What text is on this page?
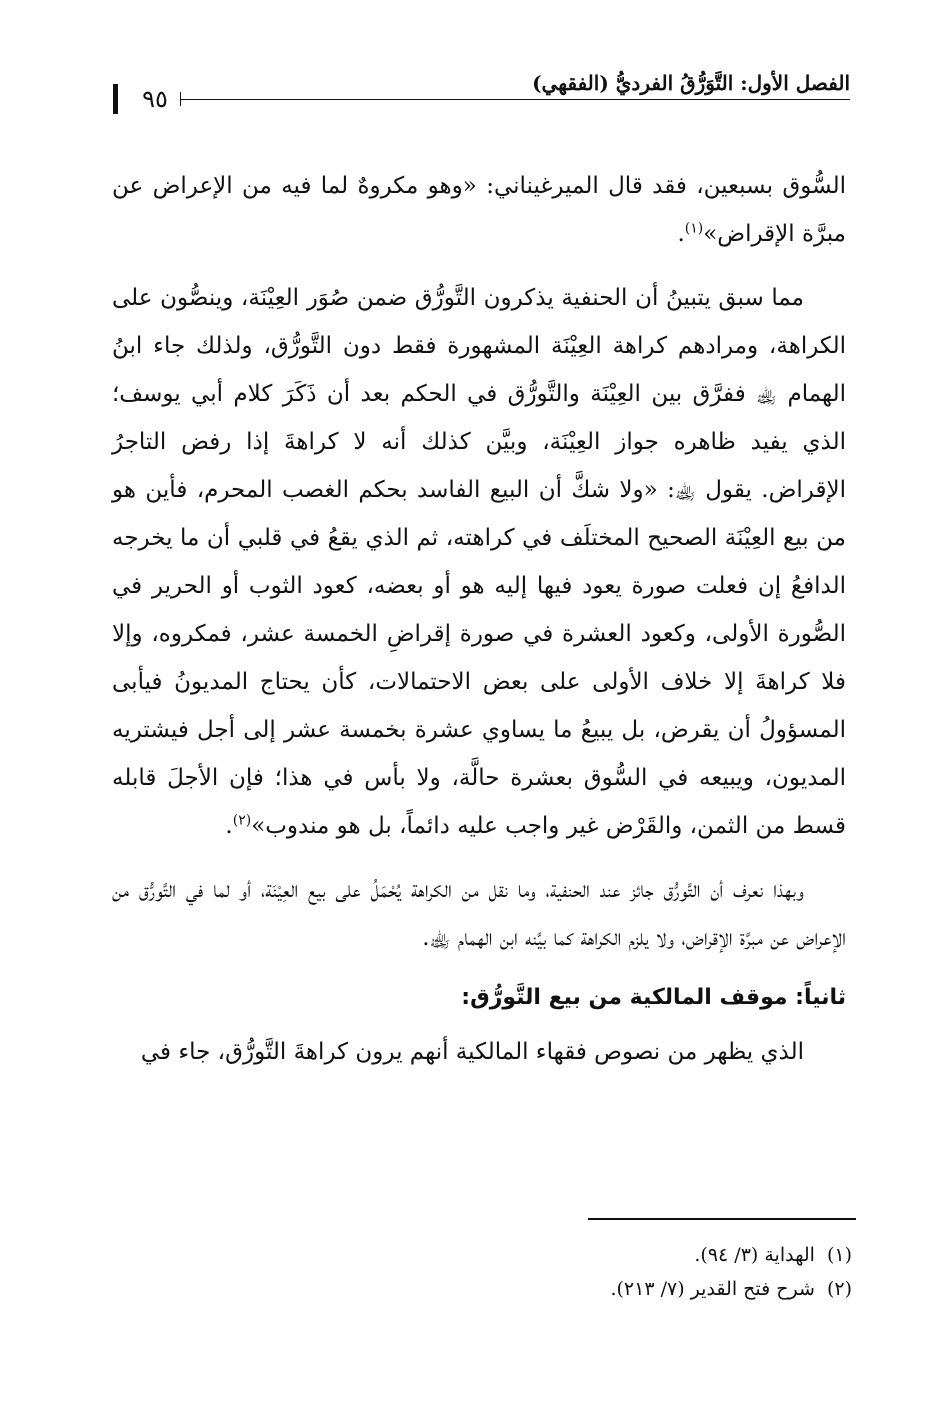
٩٥
الفصل الأول: التَّوَرُّقُ الفرديُّ (الفقهي)

السُّوق بسبعين، فقد قال الميرغيناني: «وهو مكروهٌ لما فيه من الإعراض عن مبرَّة الإقراض»$^{(١)}$.

مما سبق يتبينُ أن الحنفية يذكرون التَّورُّق ضمن صُوَر العِيْنَة، وينصُّون على الكراهة، ومرادهم كراهة العِيْنَة المشهورة فقط دون التَّورُّق، ولذلك جاء ابنُ الهمام ﵀ ففرَّق بين العِيْنَة والتَّورُّق في الحكم بعد أن ذَكَرَ كلام أبي يوسف؛ الذي يفيد ظاهره جواز العِيْنَة، وبيَّن كذلك أنه لا كراهةَ إذا رفض التاجرُ الإقراض. يقول ﵀: «ولا شكَّ أن البيع الفاسد بحكم الغصب المحرم، فأين هو من بيع العِيْنَة الصحيح المختلَف في كراهته، ثم الذي يقعُ في قلبي أن ما يخرجه الدافعُ إن فعلت صورة يعود فيها إليه هو أو بعضه، كعود الثوب أو الحرير في الصُّورة الأولى، وكعود العشرة في صورة إقراضِ الخمسة عشر، فمكروه، وإلا فلا كراهةَ إلا خلاف الأولى على بعض الاحتمالات، كأن يحتاج المديونُ فيأبى المسؤولُ أن يقرض، بل يبيعُ ما يساوي عشرة بخمسة عشر إلى أجل فيشتريه المديون، ويبيعه في السُّوق بعشرة حالَّة، ولا بأس في هذا؛ فإن الأجلَ قابله قسط من الثمن، والقَرْض غير واجب عليه دائماً، بل هو مندوب»$^{(٢)}$.

وبهذا نعرف أن التَّورُّق جائز عند الحنفية، وما نقل من الكراهة يُحْمَلُ على بيع العِيْنَة، أو لما في التَّورُّق من الإعراض عن مبرَّة الإقراض، ولا يلزم الكراهة كما بيَّنه ابن الهمام ﵀.

ثانياً: موقف المالكية من بيع التَّورُّق:

الذي يظهر من نصوص فقهاء المالكية أنهم يرون كراهةَ التَّورُّق، جاء في

(١)الهداية (٣/ ٩٤).

(٢)شرح فتح القدير (٧/ ٢١٣).
